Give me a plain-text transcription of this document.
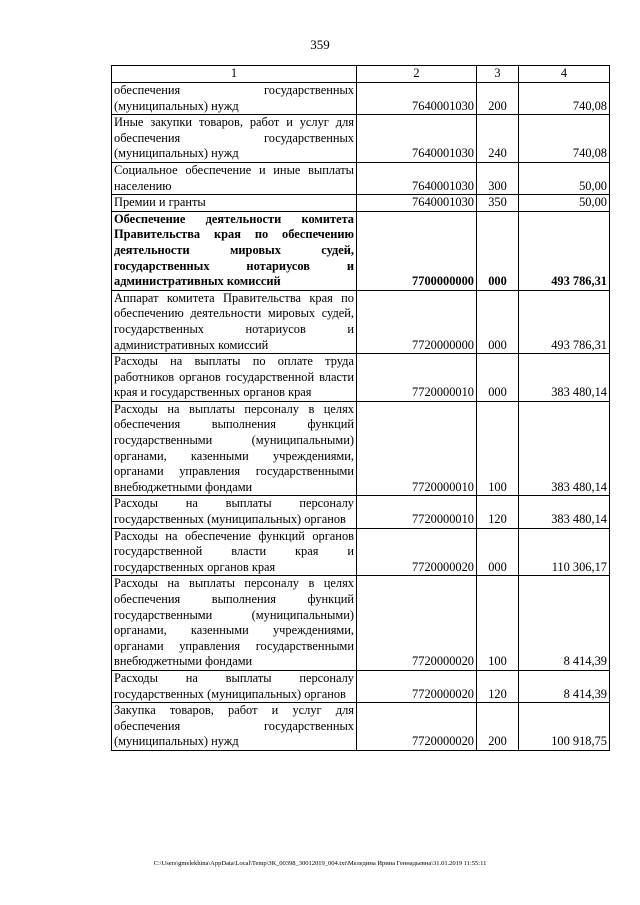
359
1	2	3	4
обеспечения государственных (муниципальных) нужд	7640001030	200	740,08
Иные закупки товаров, работ и услуг для обеспечения государственных (муниципальных) нужд	7640001030	240	740,08
Социальное обеспечение и иные выплаты населению	7640001030	300	50,00
Премии и гранты	7640001030	350	50,00
Обеспечение деятельности комитета Правительства края по обеспечению деятельности мировых судей, государственных нотариусов и административных комиссий	7700000000	000	493 786,31
Аппарат комитета Правительства края по обеспечению деятельности мировых судей, государственных нотариусов и административных комиссий	7720000000	000	493 786,31
Расходы на выплаты по оплате труда работников органов государственной власти края и государственных органов края	7720000010	000	383 480,14
Расходы на выплаты персоналу в целях обеспечения выполнения функций государственными (муниципальными) органами, казенными учреждениями, органами управления государственными внебюджетными фондами	7720000010	100	383 480,14
Расходы на выплаты персоналу государственных (муниципальных) органов	7720000010	120	383 480,14
Расходы на обеспечение функций органов государственной власти края и государственных органов края	7720000020	000	110 306,17
Расходы на выплаты персоналу в целях обеспечения выполнения функций государственными (муниципальными) органами, казенными учреждениями, органами управления государственными внебюджетными фондами	7720000020	100	8 414,39
Расходы на выплаты персоналу государственных (муниципальных) органов	7720000020	120	8 414,39
Закупка товаров, работ и услуг для обеспечения государственных (муниципальных) нужд	7720000020	200	100 918,75
C:\Users\gmelekhina\AppData\Local\Temp\ЗК_00398_30012019_004.txt\Меледина Ирина Геннадьевна\31.01.2019 11:55:11
